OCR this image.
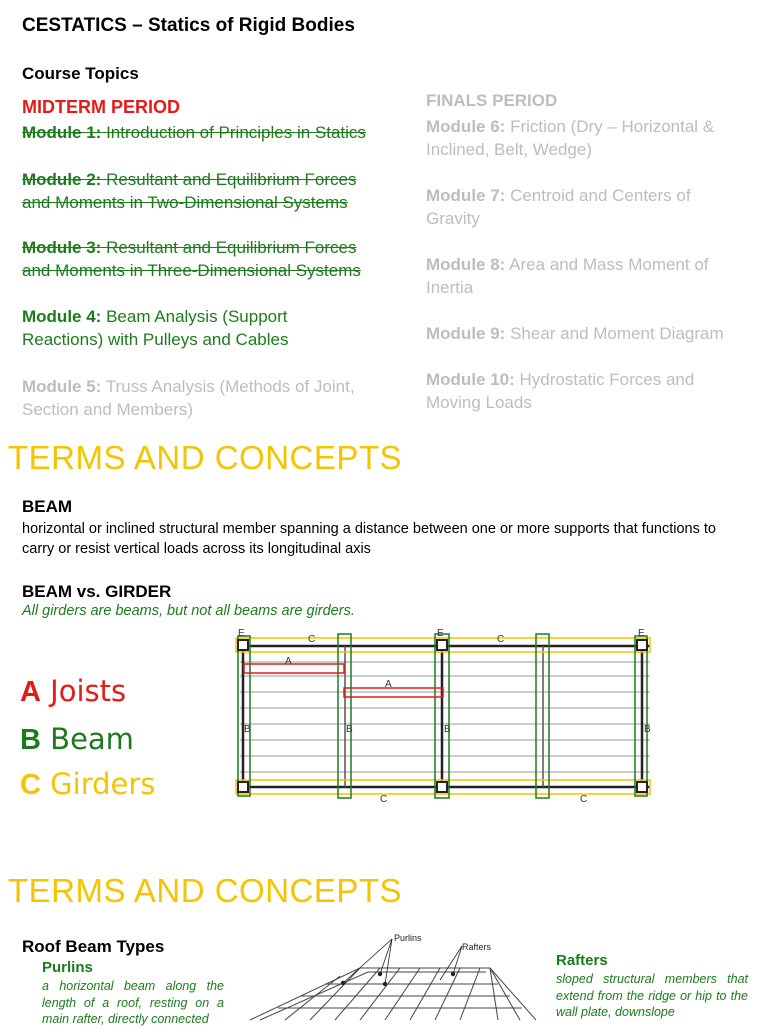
CESTATICS – Statics of Rigid Bodies
Course Topics
MIDTERM PERIOD
Module 1: Introduction of Principles in Statics
Module 2: Resultant and Equilibrium Forces
and Moments in Two-Dimensional Systems
Module 3: Resultant and Equilibrium Forces
and Moments in Three-Dimensional Systems
Module 4: Beam Analysis (Support
Reactions) with Pulleys and Cables
Module 5: Truss Analysis (Methods of Joint,
Section and Members)
FINALS PERIOD
Module 6: Friction (Dry – Horizontal &
Inclined, Belt, Wedge)
Module 7: Centroid and Centers of
Gravity
Module 8: Area and Mass Moment of
Inertia
Module 9: Shear and Moment Diagram
Module 10: Hydrostatic Forces and
Moving Loads
TERMS AND CONCEPTS
BEAM
horizontal or inclined structural member spanning a distance between one or more supports that functions to carry or resist vertical loads across its longitudinal axis
BEAM vs. GIRDER
All girders are beams, but not all beams are girders.
A Joists
B Beam
C Girders
E	E	E
C	C
C	C
A
A
B	B	B	B
TERMS AND CONCEPTS
Roof Beam Types
Purlins
a horizontal beam along the length of a roof, resting on a main rafter, directly connected
Purlins
Rafters
Rafters
sloped structural members that extend from the ridge or hip to the wall plate, downslope
